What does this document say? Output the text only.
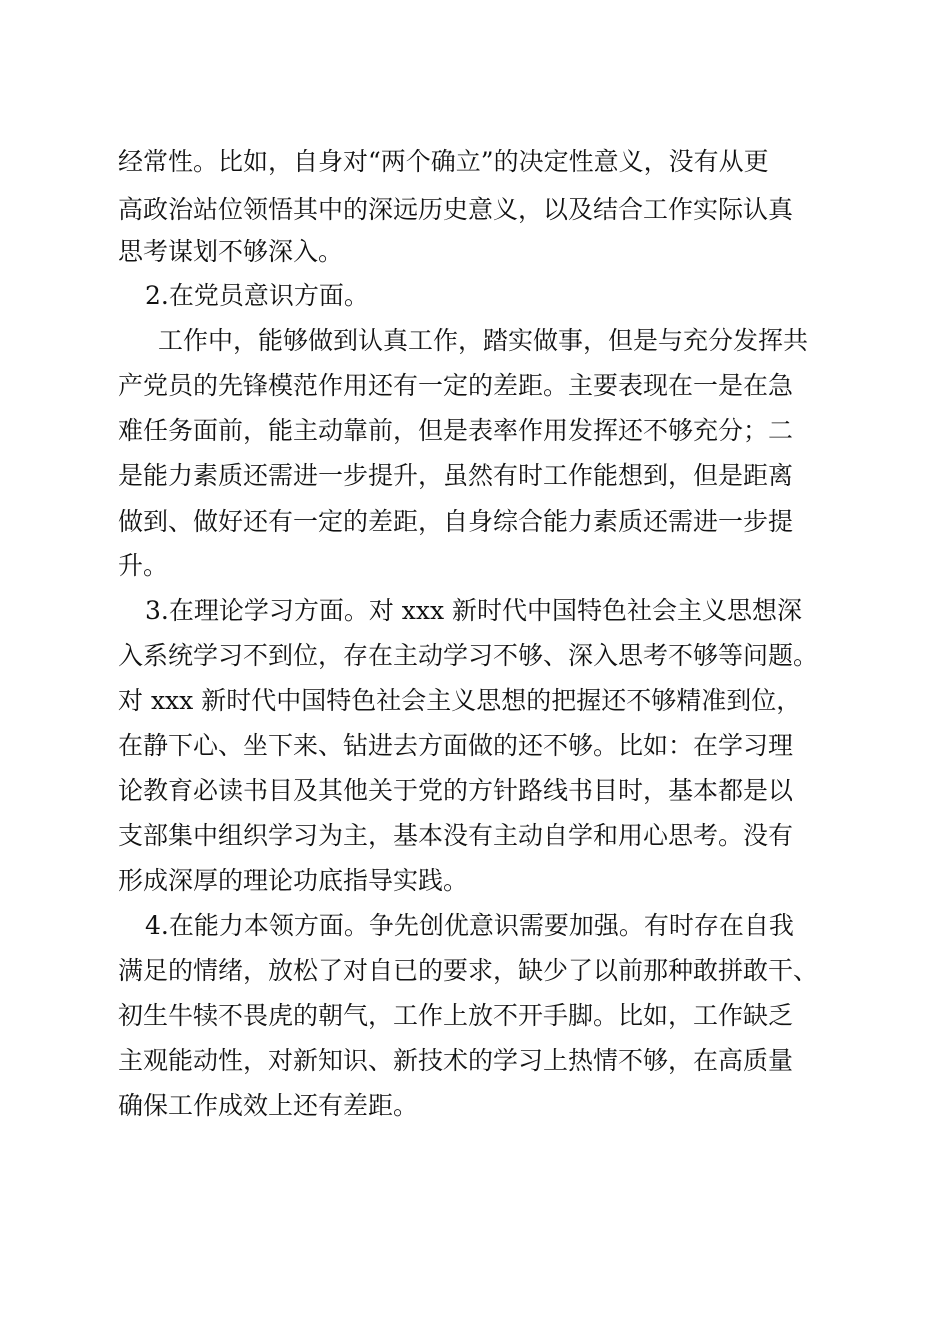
经常性。比如，自身对“两个确立”的决定性意义，没有从更
高政治站位领悟其中的深远历史意义，以及结合工作实际认真
思考谋划不够深入。
2.在党员意识方面。
工作中，能够做到认真工作，踏实做事，但是与充分发挥共
产党员的先锋模范作用还有一定的差距。主要表现在一是在急
难任务面前，能主动靠前，但是表率作用发挥还不够充分；二
是能力素质还需进一步提升，虽然有时工作能想到，但是距离
做到、做好还有一定的差距，自身综合能力素质还需进一步提
升。
3.在理论学习方面。对 xxx 新时代中国特色社会主义思想深
入系统学习不到位，存在主动学习不够、深入思考不够等问题。
对 xxx 新时代中国特色社会主义思想的把握还不够精准到位，
在静下心、坐下来、钻进去方面做的还不够。比如：在学习理
论教育必读书目及其他关于党的方针路线书目时，基本都是以
支部集中组织学习为主，基本没有主动自学和用心思考。没有
形成深厚的理论功底指导实践。
4.在能力本领方面。争先创优意识需要加强。有时存在自我
满足的情绪，放松了对自已的要求，缺少了以前那种敢拼敢干、
初生牛犊不畏虎的朝气，工作上放不开手脚。比如，工作缺乏
主观能动性，对新知识、新技术的学习上热情不够，在高质量
确保工作成效上还有差距。
